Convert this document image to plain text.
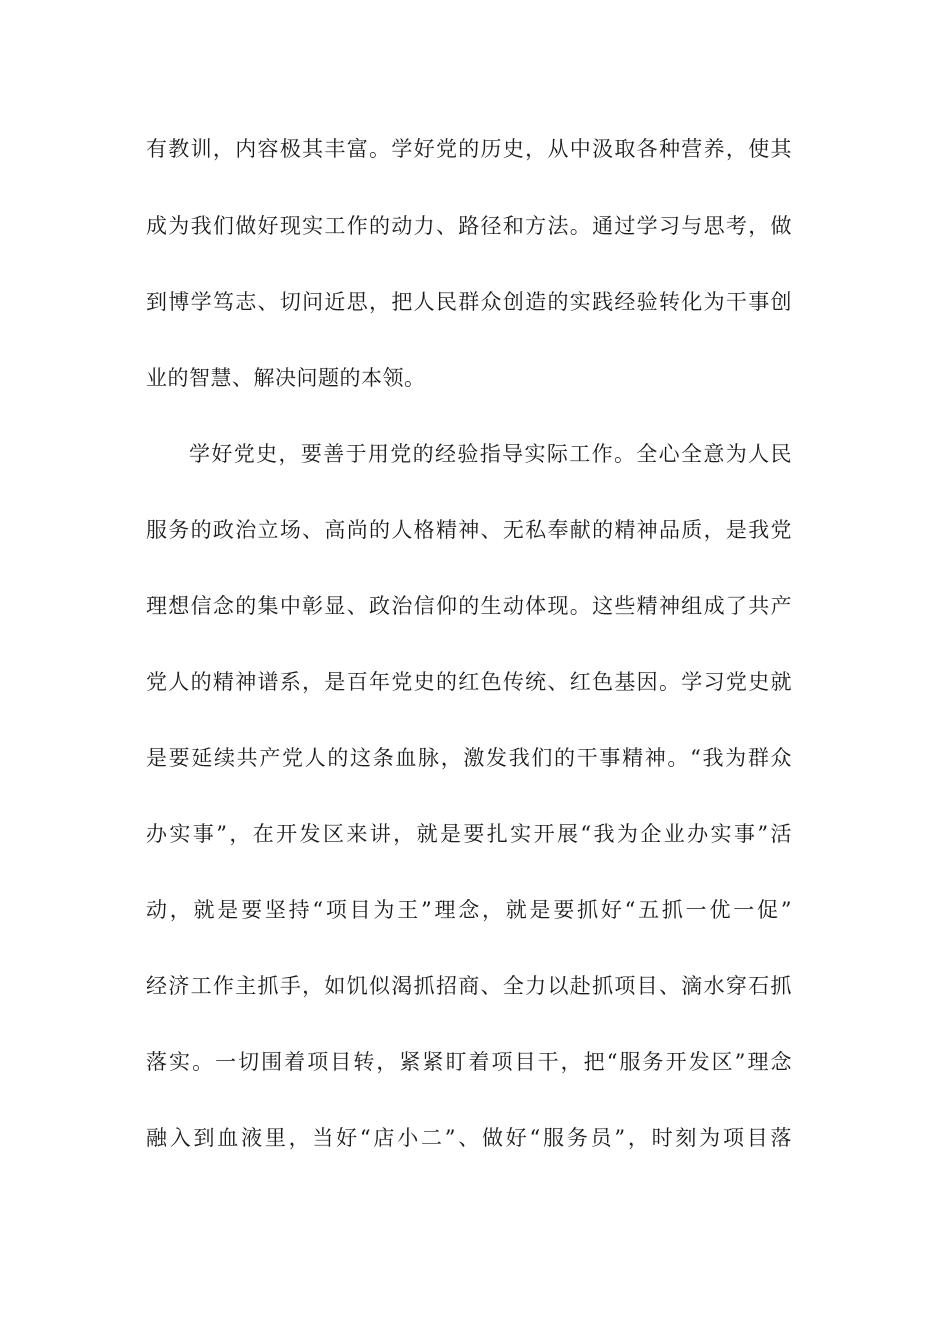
有教训，内容极其丰富。学好党的历史，从中汲取各种营养，使其
成为我们做好现实工作的动力、路径和方法。通过学习与思考，做
到博学笃志、切问近思，把人民群众创造的实践经验转化为干事创
业的智慧、解决问题的本领。
学好党史，要善于用党的经验指导实际工作。全心全意为人民
服务的政治立场、高尚的人格精神、无私奉献的精神品质，是我党
理想信念的集中彰显、政治信仰的生动体现。这些精神组成了共产
党人的精神谱系，是百年党史的红色传统、红色基因。学习党史就
是要延续共产党人的这条血脉，激发我们的干事精神。“我为群众
办实事”，在开发区来讲，就是要扎实开展“我为企业办实事”活
动，就是要坚持“项目为王”理念，就是要抓好“五抓一优一促”
经济工作主抓手，如饥似渴抓招商、全力以赴抓项目、滴水穿石抓
落实。一切围着项目转，紧紧盯着项目干，把“服务开发区”理念
融入到血液里，当好“店小二”、做好“服务员”，时刻为项目落
